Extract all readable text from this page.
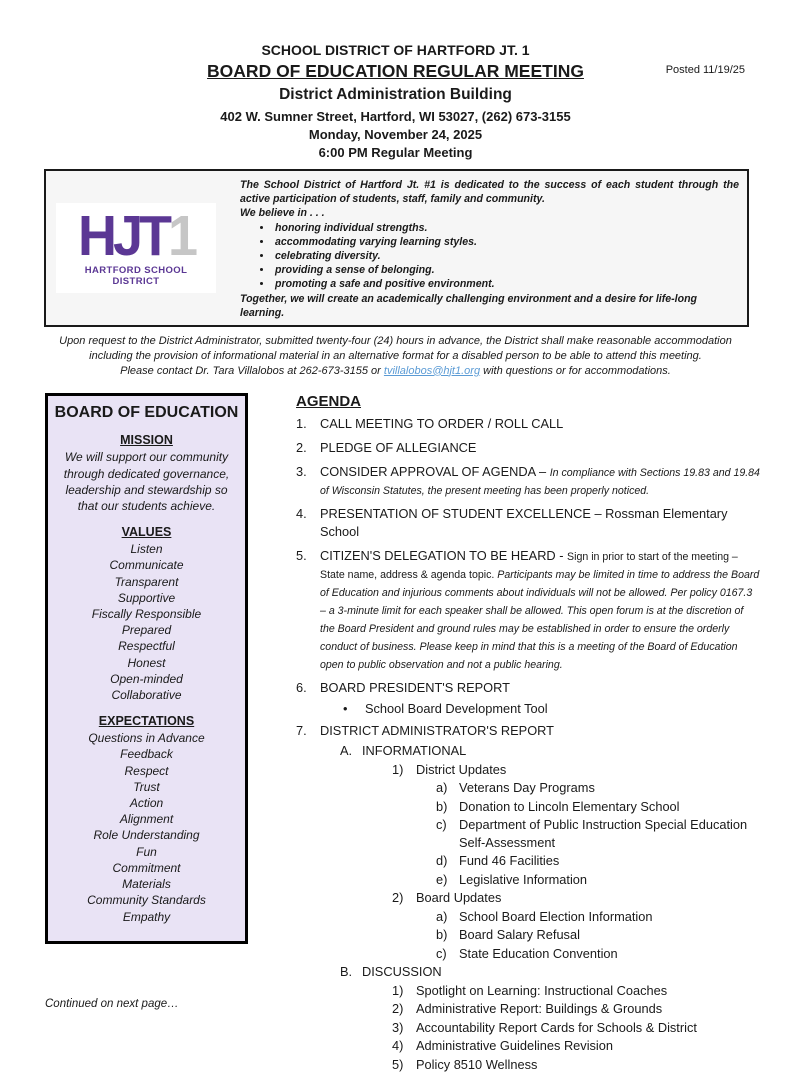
Posted 11/19/25
SCHOOL DISTRICT OF HARTFORD JT. 1
BOARD OF EDUCATION REGULAR MEETING
District Administration Building
402 W. Sumner Street, Hartford, WI 53027, (262) 673-3155
Monday, November 24, 2025
6:00 PM Regular Meeting
HJT1
HARTFORD SCHOOL DISTRICT
The School District of Hartford Jt. #1 is dedicated to the success of each student through the active participation of students, staff, family and community.
We believe in . . .
• honoring individual strengths.
• accommodating varying learning styles.
• celebrating diversity.
• providing a sense of belonging.
• promoting a safe and positive environment.
Together, we will create an academically challenging environment and a desire for life-long learning.
Upon request to the District Administrator, submitted twenty-four (24) hours in advance, the District shall make reasonable accommodation including the provision of informational material in an alternative format for a disabled person to be able to attend this meeting.
Please contact Dr. Tara Villalobos at 262-673-3155 or tvillalobos@hjt1.org with questions or for accommodations.
BOARD OF EDUCATION
MISSION
We will support our community through dedicated governance, leadership and stewardship so that our students achieve.
VALUES
Listen
Communicate
Transparent
Supportive
Fiscally Responsible
Prepared
Respectful
Honest
Open-minded
Collaborative
EXPECTATIONS
Questions in Advance
Feedback
Respect
Trust
Action
Alignment
Role Understanding
Fun
Commitment
Materials
Community Standards
Empathy
AGENDA
1.	CALL MEETING TO ORDER / ROLL CALL
2.	PLEDGE OF ALLEGIANCE
3.	CONSIDER APPROVAL OF AGENDA – In compliance with Sections 19.83 and 19.84 of Wisconsin Statutes, the present meeting has been properly noticed.
4.	PRESENTATION OF STUDENT EXCELLENCE – Rossman Elementary School
5.	CITIZEN'S DELEGATION TO BE HEARD - Sign in prior to start of the meeting – State name, address & agenda topic. Participants may be limited in time to address the Board of Education and injurious comments about individuals will not be allowed. Per policy 0167.3 – a 3-minute limit for each speaker shall be allowed. This open forum is at the discretion of the Board President and ground rules may be established in order to ensure the orderly conduct of business. Please keep in mind that this is a meeting of the Board of Education open to public observation and not a public hearing.
6.	BOARD PRESIDENT'S REPORT
•
School Board Development Tool
7.	DISTRICT ADMINISTRATOR'S REPORT
A. INFORMATIONAL
1) District Updates
a) Veterans Day Programs
b) Donation to Lincoln Elementary School
c) Department of Public Instruction Special Education Self-Assessment
d) Fund 46 Facilities
e) Legislative Information
2) Board Updates
a) School Board Election Information
b) Board Salary Refusal
c) State Education Convention
B. DISCUSSION
1) Spotlight on Learning: Instructional Coaches
2) Administrative Report: Buildings & Grounds
3) Accountability Report Cards for Schools & District
4) Administrative Guidelines Revision
5) Policy 8510 Wellness
Continued on next page…
